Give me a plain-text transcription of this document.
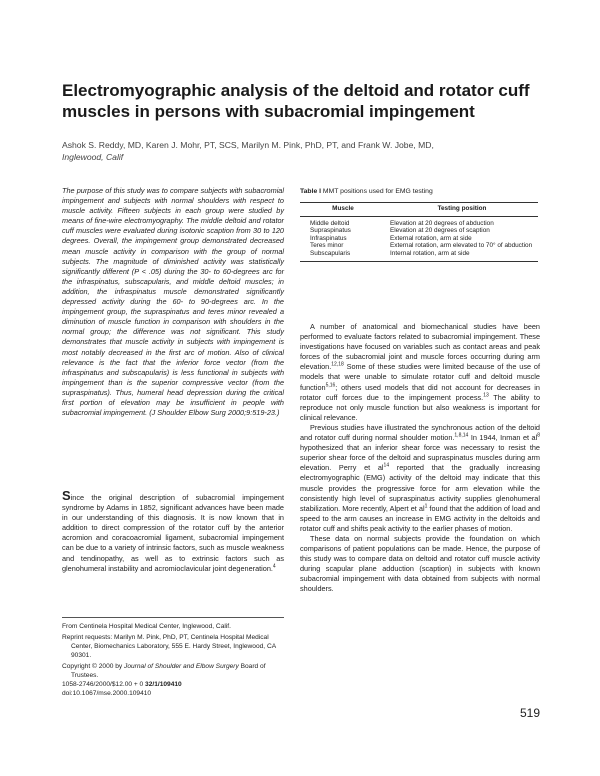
Electromyographic analysis of the deltoid and rotator cuff muscles in persons with subacromial impingement
Ashok S. Reddy, MD, Karen J. Mohr, PT, SCS, Marilyn M. Pink, PhD, PT, and Frank W. Jobe, MD,
Inglewood, Calif

The purpose of this study was to compare subjects with subacromial impingement and subjects with normal shoulders with respect to muscle activity. Fifteen subjects in each group were studied by means of fine-wire electromyography. The middle deltoid and rotator cuff muscles were evaluated during isotonic scaption from 30 to 120 degrees. Overall, the impingement group demonstrated decreased mean muscle activity in comparison with the group of normal subjects. The magnitude of diminished activity was statistically significantly different (P < .05) during the 30- to 60-degrees arc for the infraspinatus, subscapularis, and middle deltoid muscles; in addition, the infraspinatus muscle demonstrated significantly depressed activity during the 60- to 90-degrees arc. In the impingement group, the supraspinatus and teres minor revealed a diminution of muscle function in comparison with shoulders in the normal group; the difference was not significant. This study demonstrates that muscle activity in subjects with impingement is most notably decreased in the first arc of motion. Also of clinical relevance is the fact that the inferior force vector (from the infraspinatus and subscapularis) is less functional in subjects with impingement than is the superior compressive vector (from the supraspinatus). Thus, humeral head depression during the critical first portion of elevation may be insufficient in people with subacromial impingement. (J Shoulder Elbow Surg 2000;9:519-23.)

Since the original description of subacromial impingement syndrome by Adams in 1852, significant advances have been made in our understanding of this diagnosis. It is now known that in addition to direct compression of the rotator cuff by the anterior acromion and coracoacromial ligament, subacromial impingement can be due to a variety of intrinsic factors, such as muscle weakness and tendinopathy, as well as to extrinsic factors such as glenohumeral instability and acromioclavicular joint degeneration.$^4$

From Centinela Hospital Medical Center, Inglewood, Calif.

Reprint requests: Marilyn M. Pink, PhD, PT, Centinela Hospital Medical Center, Biomechanics Laboratory, 555 E. Hardy Street, Inglewood, CA 90301.

Copyright © 2000 by Journal of Shoulder and Elbow Surgery Board of Trustees.

1058-2746/2000/$12.00 + 0 32/1/109410

doi:10.1067/mse.2000.109410

Table I MMT positions used for EMG testing
Muscle	Testing position
Middle deltoid	Elevation at 20 degrees of abduction
Supraspinatus	Elevation at 20 degrees of scaption
Infraspinatus	External rotation, arm at side
Teres minor	External rotation, arm elevated to 70° of abduction
Subscapularis	Internal rotation, arm at side

A number of anatomical and biomechanical studies have been performed to evaluate factors related to subacromial impingement. These investigations have focused on variables such as contact areas and peak forces of the subacromial joint and muscle forces occurring during arm elevation.$^{12,18}$ Some of these studies were limited because of the use of models that were unable to simulate rotator cuff and deltoid muscle function$^{5,16}$; others used models that did not account for decreases in rotator cuff forces due to the impingement process.$^{13}$ The ability to reproduce not only muscle function but also weakness is important for clinical relevance.

Previous studies have illustrated the synchronous action of the deltoid and rotator cuff during normal shoulder motion.$^{1,8,14}$ In 1944, Inman et $al^8$ hypothesized that an inferior shear force was necessary to resist the superior shear force of the deltoid and supraspinatus muscles during arm elevation. Perry et $al^{14}$ reported that the gradually increasing electromyographic (EMG) activity of the deltoid may indicate that this muscle provides the progressive force for arm elevation while the consistently high level of supraspinatus activity supplies glenohumeral stabilization. More recently, Alpert et $al^1$ found that the addition of load and speed to the arm causes an increase in EMG activity in the deltoids and rotator cuff and shifts peak activity to the earlier phases of motion.

These data on normal subjects provide the foundation on which comparisons of patient populations can be made. Hence, the purpose of this study was to compare data on deltoid and rotator cuff muscle activity during scapular plane adduction (scaption) in subjects with known subacromial impingement with data obtained from subjects with normal shoulders.

519
